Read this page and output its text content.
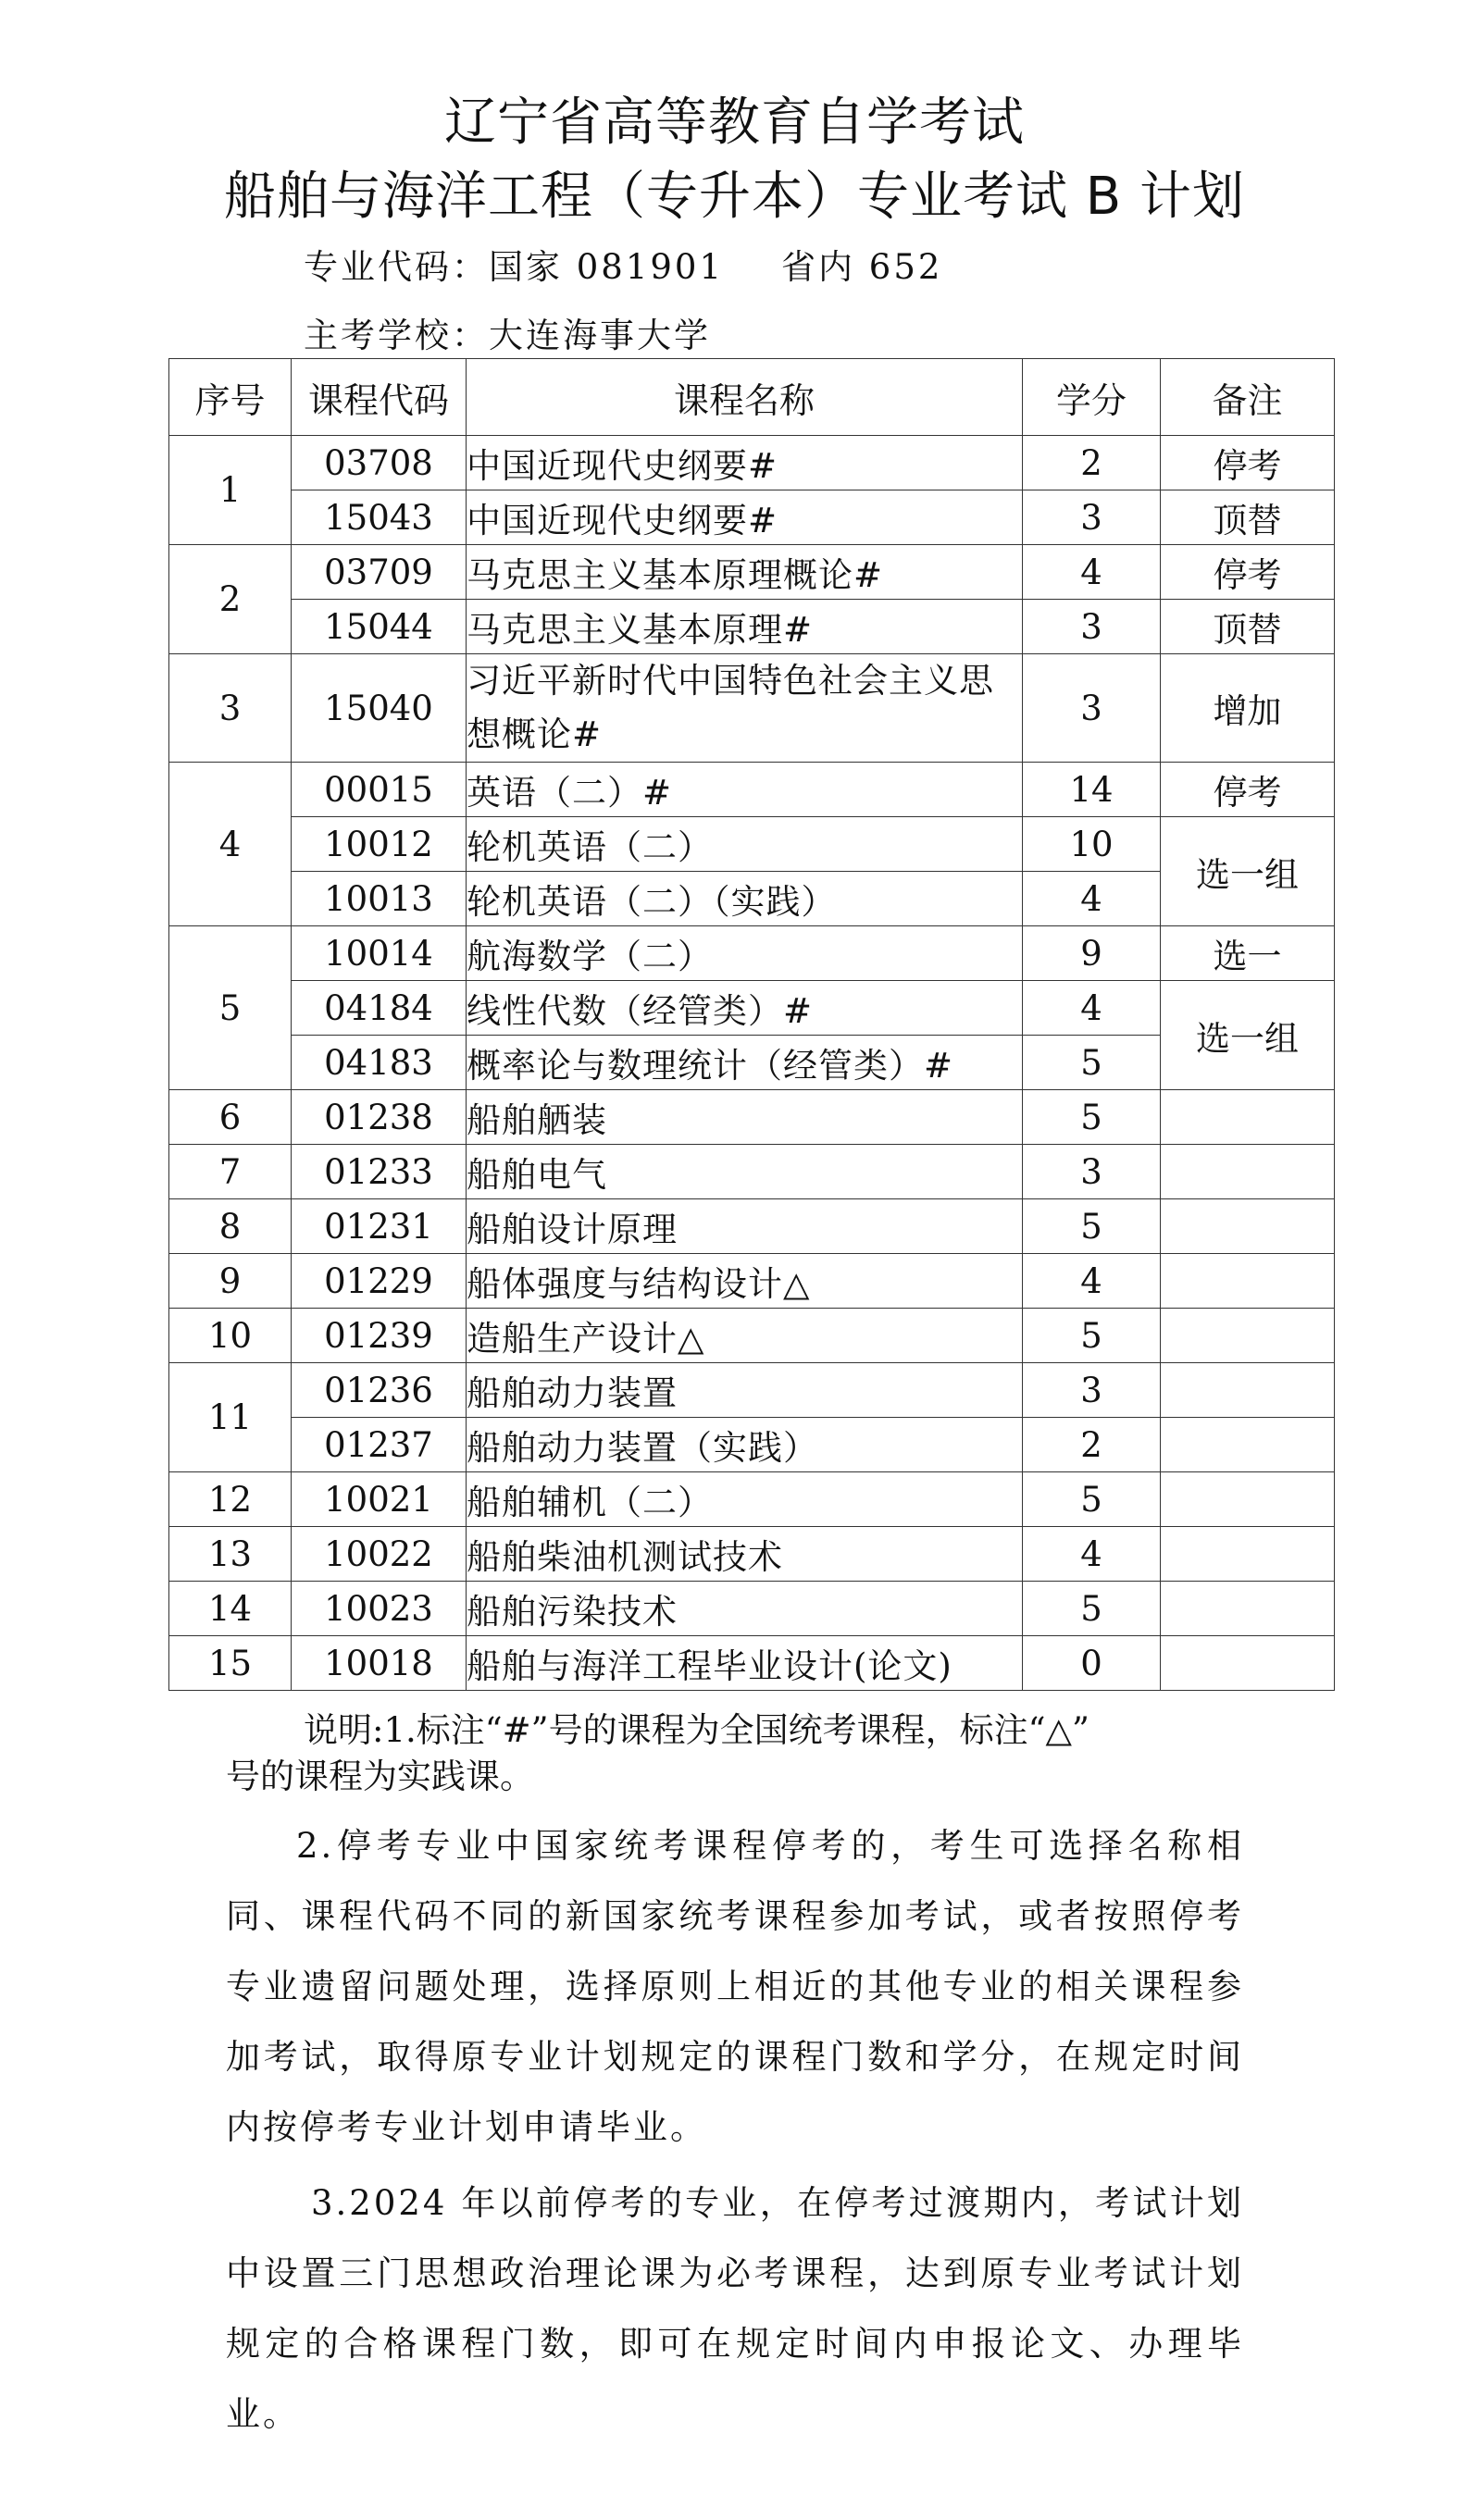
辽宁省高等教育自学考试
船舶与海洋工程（专升本）专业考试 B 计划
专业代码：国家 081901 省内 652
主考学校：大连海事大学
序号	课程代码	课程名称	学分	备注
1	03708	中国近现代史纲要#	2	停考
	15043	中国近现代史纲要#	3	顶替
2	03709	马克思主义基本原理概论#	4	停考
	15044	马克思主义基本原理#	3	顶替
3	15040	习近平新时代中国特色社会主义思想概论#	3	增加
4	00015	英语（二）#	14	停考
	10012	轮机英语（二）	10	选一组
	10013	轮机英语（二）（实践）	4	
5	10014	航海数学（二）	9	选一
	04184	线性代数（经管类）#	4	选一组
	04183	概率论与数理统计（经管类）#	5	
6	01238	船舶舾装	5	
7	01233	船舶电气	3	
8	01231	船舶设计原理	5	
9	01229	船体强度与结构设计△	4	
10	01239	造船生产设计△	5	
11	01236	船舶动力装置	3	
	01237	船舶动力装置（实践）	2	
12	10021	船舶辅机（二）	5	
13	10022	船舶柴油机测试技术	4	
14	10023	船舶污染技术	5	
15	10018	船舶与海洋工程毕业设计(论文)	0	
说明:1.标注“#”号的课程为全国统考课程，标注“△”
号的课程为实践课。
2.停考专业中国家统考课程停考的，考生可选择名称相同、课程代码不同的新国家统考课程参加考试，或者按照停考专业遗留问题处理，选择原则上相近的其他专业的相关课程参加考试，取得原专业计划规定的课程门数和学分，在规定时间内按停考专业计划申请毕业。
3.2024 年以前停考的专业，在停考过渡期内，考试计划中设置三门思想政治理论课为必考课程，达到原专业考试计划规定的合格课程门数，即可在规定时间内申报论文、办理毕业。
